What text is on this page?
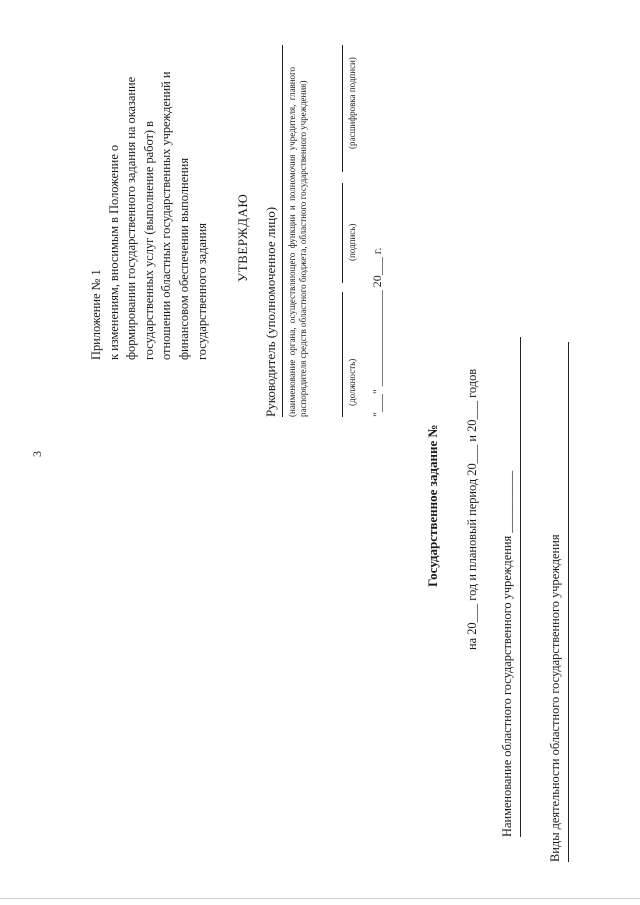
3
Приложение № 1 к изменениям, вносимым в Положение о формировании государственного задания на оказание государственных услуг (выполнение работ) в отношении областных государственных учреждений и финансовом обеспечении выполнения государственного задания УТВЕРЖДАЮ Руководитель (уполномоченное лицо) (наименование органа, осуществляющего функции и полномочия учредителя, главного распорядителя средств областного бюджета, областного государственного учреждения)	(должность)
(подпись)
(расшифровка подписи)
"___" ________________ 20___ г.
Государственное задание № на 20___ год и плановый период 20___ и 20___ годов Наименование областного государственного учреждения __________	Виды деятельности областного государственного учреждения
